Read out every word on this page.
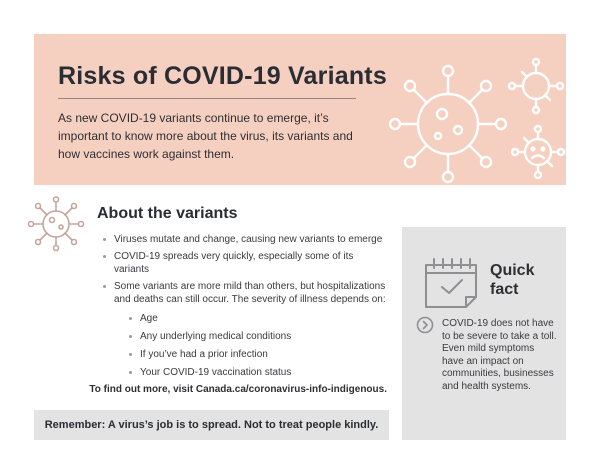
Risks of COVID-19 Variants

As new COVID-19 variants continue to emerge, it’s important to know more about the virus, its variants and how vaccines work against them.

About the variants
Viruses mutate and change, causing new variants to emerge
COVID-19 spreads very quickly, especially some of its variants
Some variants are more mild than others, but hospitalizations and deaths can still occur. The severity of illness depends on:
Age
Any underlying medical conditions
If you’ve had a prior infection
Your COVID-19 vaccination status

To find out more, visit Canada.ca/coronavirus-info-indigenous.

Remember: A virus’s job is to spread. Not to treat people kindly.
Quick
fact

COVID-19 does not have to be severe to take a toll. Even mild symptoms have an impact on communities, businesses and health systems.
